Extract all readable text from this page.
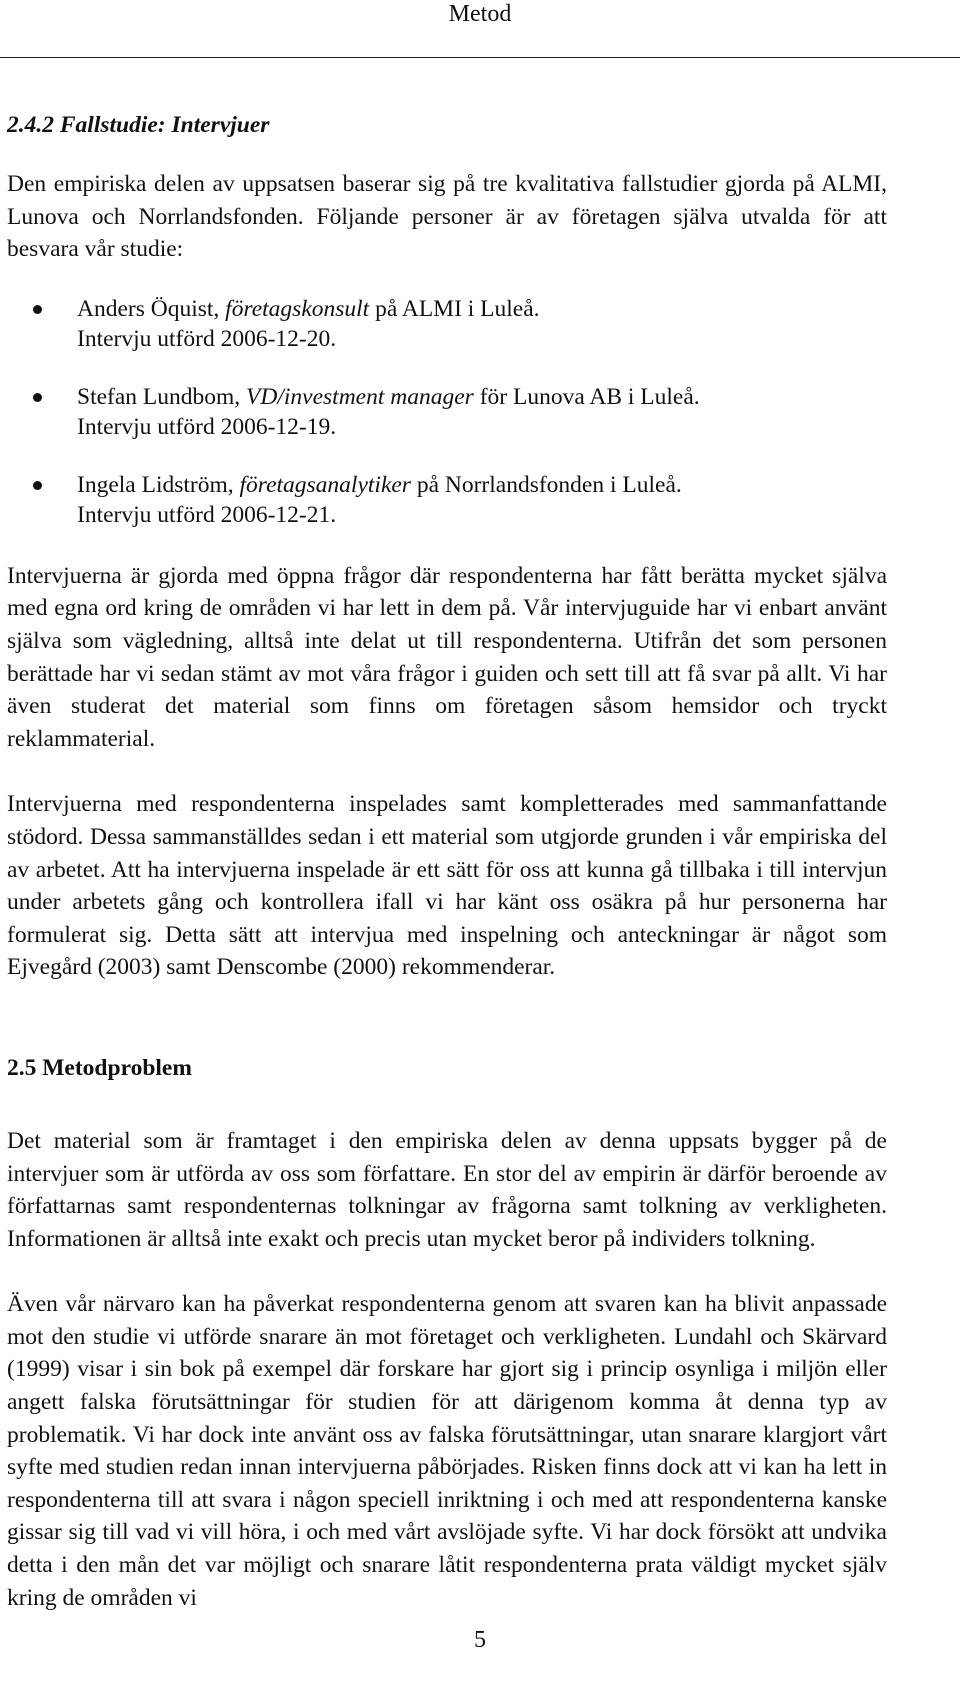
Metod
2.4.2 Fallstudie: Intervjuer

Den empiriska delen av uppsatsen baserar sig på tre kvalitativa fallstudier gjorda på ALMI, Lunova och Norrlandsfonden. Följande personer är av företagen själva utvalda för att besvara vår studie:

Anders Öquist, företagskonsult på ALMI i Luleå.
Intervju utförd 2006-12-20.
Stefan Lundbom, VD/investment manager för Lunova AB i Luleå.
Intervju utförd 2006-12-19.
Ingela Lidström, företagsanalytiker på Norrlandsfonden i Luleå.
Intervju utförd 2006-12-21.

Intervjuerna är gjorda med öppna frågor där respondenterna har fått berätta mycket själva med egna ord kring de områden vi har lett in dem på. Vår intervjuguide har vi enbart använt själva som vägledning, alltså inte delat ut till respondenterna. Utifrån det som personen berättade har vi sedan stämt av mot våra frågor i guiden och sett till att få svar på allt. Vi har även studerat det material som finns om företagen såsom hemsidor och tryckt reklammaterial.

Intervjuerna med respondenterna inspelades samt kompletterades med sammanfattande stödord. Dessa sammanställdes sedan i ett material som utgjorde grunden i vår empiriska del av arbetet. Att ha intervjuerna inspelade är ett sätt för oss att kunna gå tillbaka i till intervjun under arbetets gång och kontrollera ifall vi har känt oss osäkra på hur personerna har formulerat sig. Detta sätt att intervjua med inspelning och anteckningar är något som Ejvegård (2003) samt Denscombe (2000) rekommenderar.

2.5 Metodproblem

Det material som är framtaget i den empiriska delen av denna uppsats bygger på de intervjuer som är utförda av oss som författare. En stor del av empirin är därför beroende av författarnas samt respondenternas tolkningar av frågorna samt tolkning av verkligheten. Informationen är alltså inte exakt och precis utan mycket beror på individers tolkning.

Även vår närvaro kan ha påverkat respondenterna genom att svaren kan ha blivit anpassade mot den studie vi utförde snarare än mot företaget och verkligheten. Lundahl och Skärvard (1999) visar i sin bok på exempel där forskare har gjort sig i princip osynliga i miljön eller angett falska förutsättningar för studien för att därigenom komma åt denna typ av problematik. Vi har dock inte använt oss av falska förutsättningar, utan snarare klargjort vårt syfte med studien redan innan intervjuerna påbörjades. Risken finns dock att vi kan ha lett in respondenterna till att svara i någon speciell inriktning i och med att respondenterna kanske gissar sig till vad vi vill höra, i och med vårt avslöjade syfte. Vi har dock försökt att undvika detta i den mån det var möjligt och snarare låtit respondenterna prata väldigt mycket själv kring de områden vi

5
